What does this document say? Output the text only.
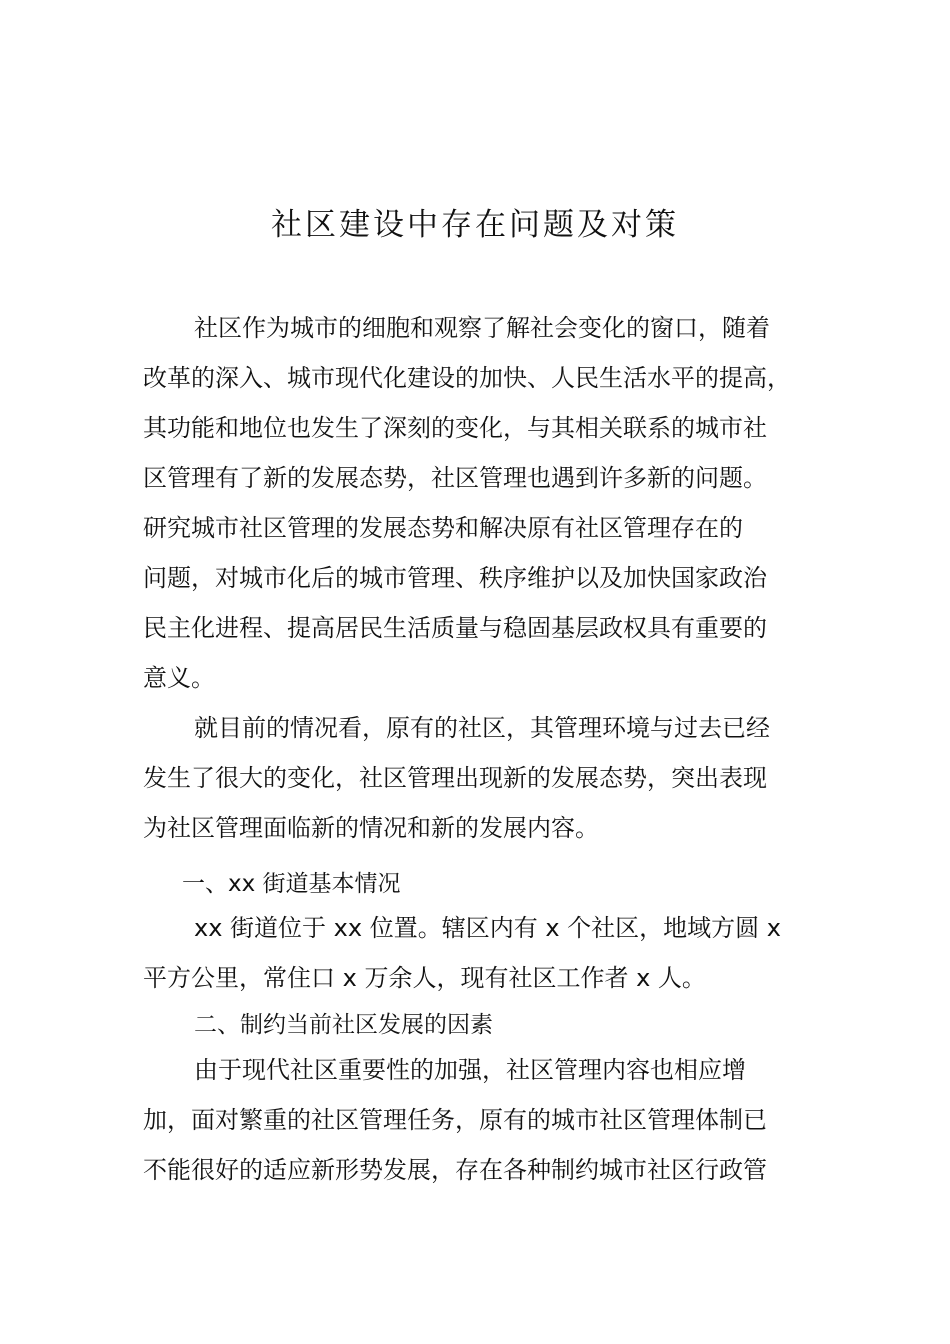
社区建设中存在问题及对策
社区作为城市的细胞和观察了解社会变化的窗口，随着
改革的深入、城市现代化建设的加快、人民生活水平的提高，
其功能和地位也发生了深刻的变化，与其相关联系的城市社
区管理有了新的发展态势，社区管理也遇到许多新的问题。
研究城市社区管理的发展态势和解决原有社区管理存在的
问题，对城市化后的城市管理、秩序维护以及加快国家政治
民主化进程、提高居民生活质量与稳固基层政权具有重要的
意义。
就目前的情况看，原有的社区，其管理环境与过去已经
发生了很大的变化，社区管理出现新的发展态势，突出表现
为社区管理面临新的情况和新的发展内容。
一、xx 街道基本情况
xx 街道位于 xx 位置。辖区内有 x 个社区，地域方圆 x
平方公里，常住口 x 万余人，现有社区工作者 x 人。
二、制约当前社区发展的因素
由于现代社区重要性的加强，社区管理内容也相应增
加，面对繁重的社区管理任务，原有的城市社区管理体制已
不能很好的适应新形势发展，存在各种制约城市社区行政管
